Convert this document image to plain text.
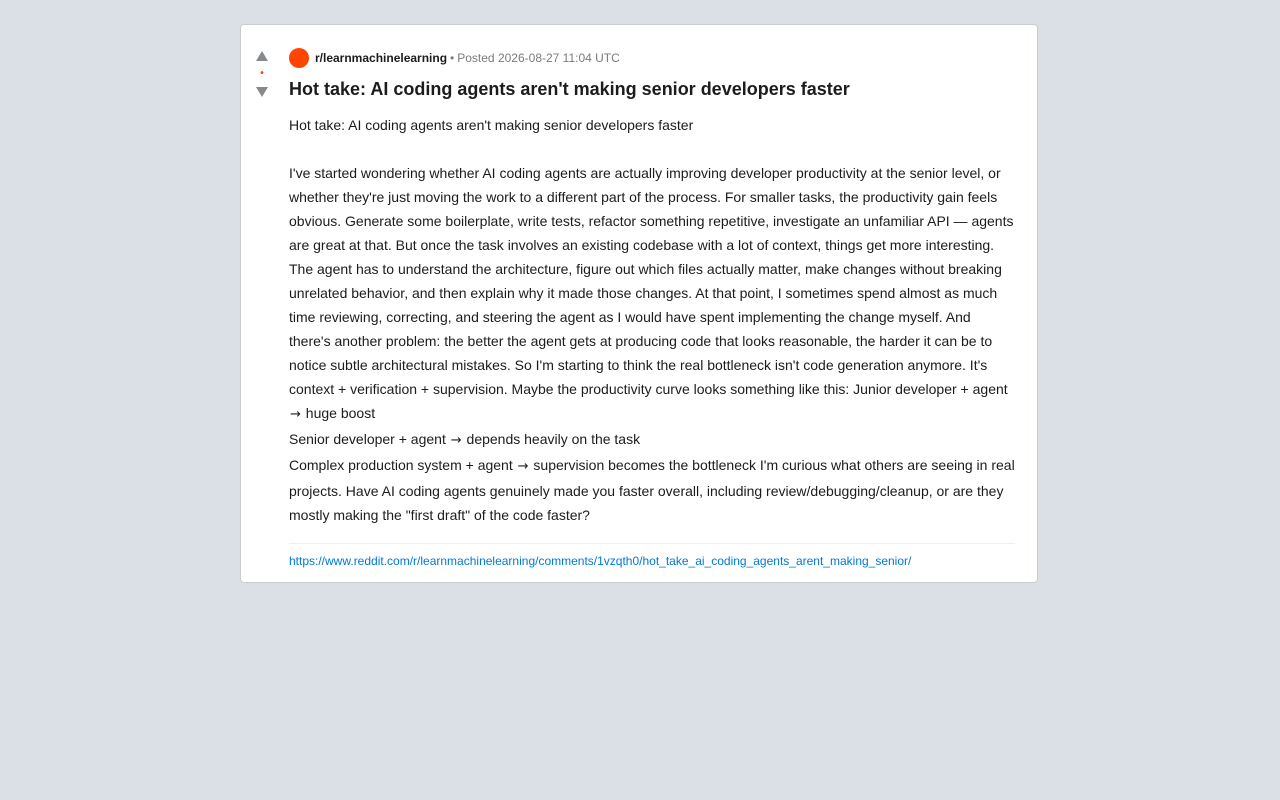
•
r/learnmachinelearning • Posted
2026-08-27 11:04 UTC
Hot take: AI coding agents aren't making senior developers faster

Hot take: AI coding agents aren't making senior developers faster

I've started wondering whether AI coding agents are actually improving developer productivity at the senior level, or whether they're just moving the work to a different part of the process. For smaller tasks, the productivity gain feels obvious. Generate some boilerplate, write tests, refactor something repetitive, investigate an unfamiliar API — agents are great at that. But once the task involves an existing codebase with a lot of context, things get more interesting. The agent has to understand the architecture, figure out which files actually matter, make changes without breaking unrelated behavior, and then explain why it made those changes. At that point, I sometimes spend almost as much time reviewing, correcting, and steering the agent as I would have spent implementing the change myself. And there's another problem: the better the agent gets at producing code that looks reasonable, the harder it can be to notice subtle architectural mistakes. So I'm starting to think the real bottleneck isn't code generation anymore. It's context + verification + supervision. Maybe the productivity curve looks something like this: Junior developer + agent → huge boost

Senior developer + agent → depends heavily on the task

Complex production system + agent → supervision becomes the bottleneck I'm curious what others are seeing in real projects. Have AI coding agents genuinely made you faster overall, including review/debugging/cleanup, or are they mostly making the "first draft" of the code faster?

https://www.reddit.com/r/learnmachinelearning/comments/1vzqth0/hot_take_ai_coding_agents_arent_making_senior/
